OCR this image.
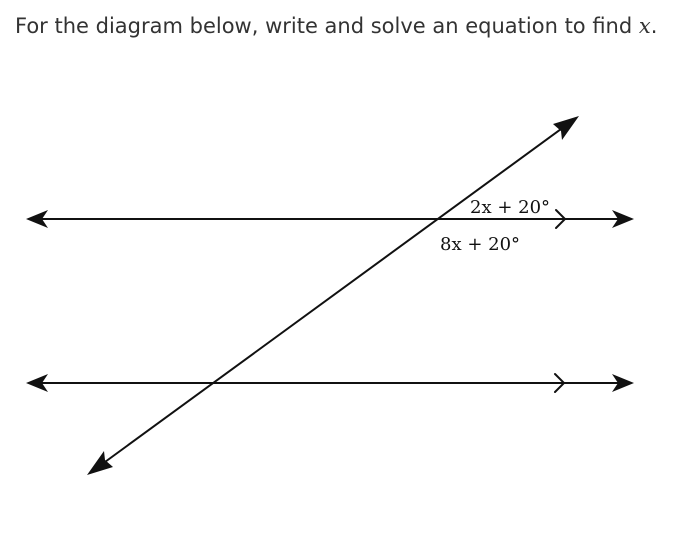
For the diagram below, write and solve an equation to find x.
2x + 20°
8x + 20°
